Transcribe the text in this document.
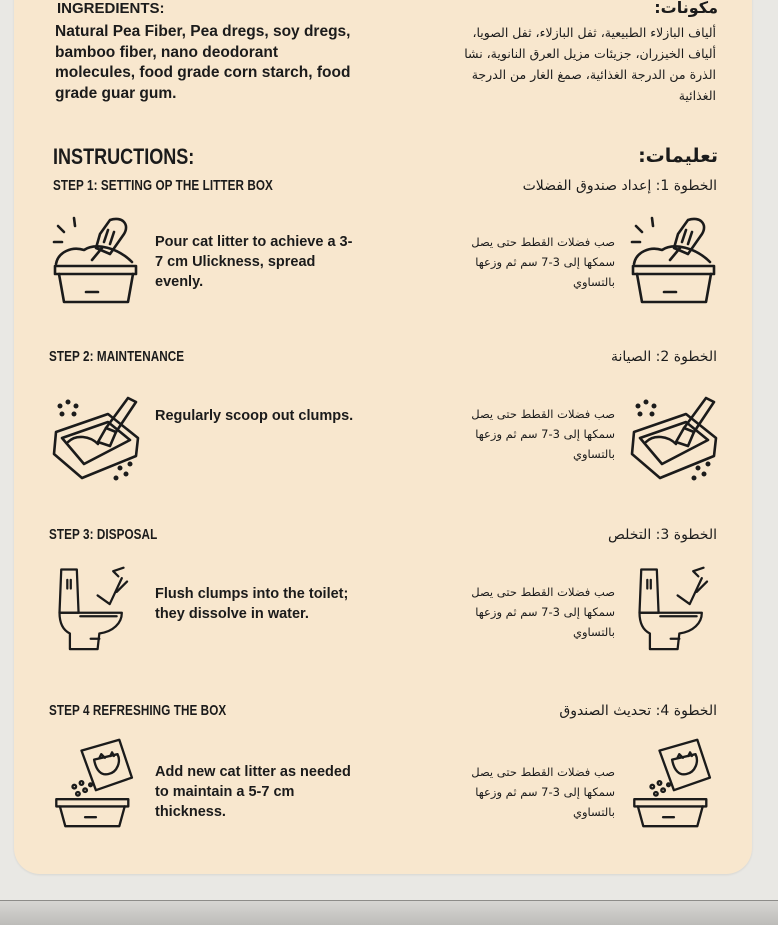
INGREDIENTS:
Natural Pea Fiber, Pea dregs, soy dregs, bamboo fiber, nano deodorant molecules, food grade corn starch, food grade guar gum.
مكونات:
ألياف البازلاء الطبيعية، ثفل البازلاء، ثفل الصويا، ألياف الخيزران، جزيئات مزيل العرق النانوية، نشا الذرة من الدرجة الغذائية، صمغ الغار من الدرجة الغذائية
INSTRUCTIONS:	تعليمات:
STEP 1: SETTING OP THE LITTER BOX	الخطوة 1: إعداد صندوق الفضلات
Pour cat litter to achieve a 3-7 cm Ulickness, spread evenly.
صب فضلات القطط حتى يصل سمكها إلى 3-7 سم ثم وزعها بالتساوي
STEP 2: MAINTENANCE	الخطوة 2: الصيانة
Regularly scoop out clumps.	صب فضلات القطط حتى يصل سمكها إلى 3-7 سم ثم وزعها بالتساوي
STEP 3: DISPOSAL	الخطوة 3: التخلص
Flush clumps into the toilet; they dissolve in water.
صب فضلات القطط حتى يصل سمكها إلى 3-7 سم ثم وزعها بالتساوي
STEP 4 REFRESHING THE BOX	الخطوة 4: تحديث الصندوق
Add new cat litter as needed to maintain a 5-7 cm thickness.
صب فضلات القطط حتى يصل سمكها إلى 3-7 سم ثم وزعها بالتساوي
